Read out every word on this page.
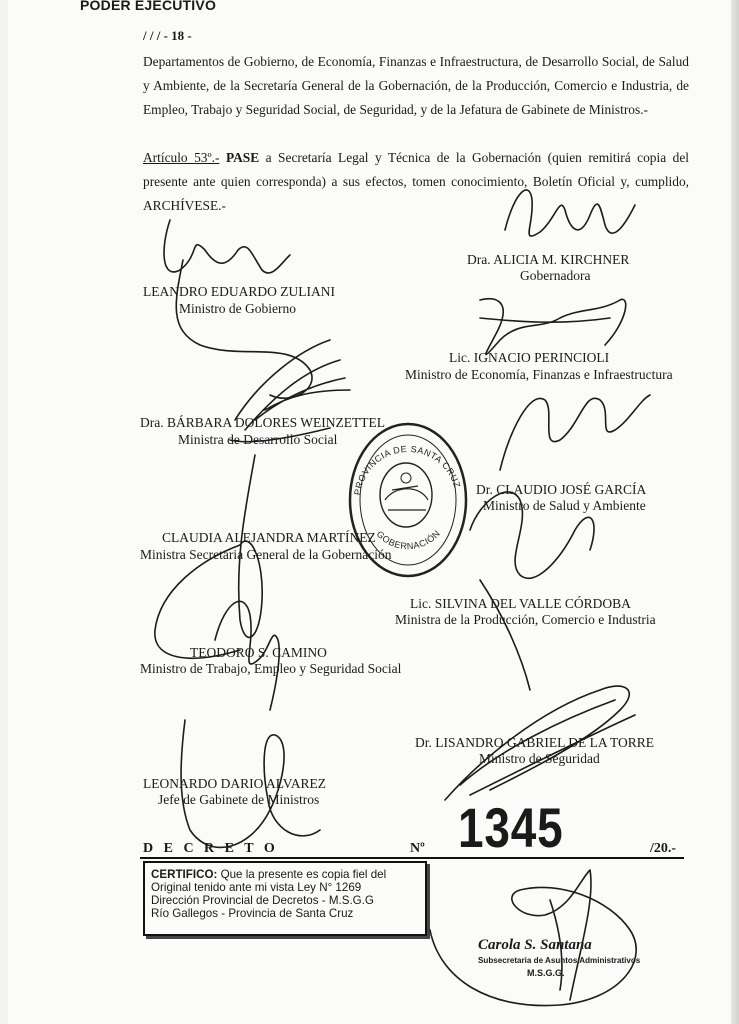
PODER EJECUTIVO
/ / / - 18 -
Departamentos de Gobierno, de Economía, Finanzas e Infraestructura, de Desarrollo Social, de Salud y Ambiente, de la Secretaría General de la Gobernación, de la Producción, Comercio e Industria, de Empleo, Trabajo y Seguridad Social, de Seguridad, y de la Jefatura de Gabinete de Ministros.-
Artículo 53º.- PASE a Secretaría Legal y Técnica de la Gobernación (quien remitirá copia del presente ante quien corresponda) a sus efectos, tomen conocimiento, Boletín Oficial y, cumplido, ARCHÍVESE.-
Dra. ALICIA M. KIRCHNER
Gobernadora
LEANDRO EDUARDO ZULIANI
Ministro de Gobierno
Lic. IGNACIO PERINCIOLI
Ministro de Economía, Finanzas e Infraestructura
Dra. BÁRBARA DOLORES WEINZETTEL
Ministra de Desarrollo Social
Dr. CLAUDIO JOSÉ GARCÍA
Ministro de Salud y Ambiente
CLAUDIA ALEJANDRA MARTÍNEZ
Ministra Secretaria General de la Gobernación
Lic. SILVINA DEL VALLE CÓRDOBA
Ministra de la Producción, Comercio e Industria
TEODORO S. CAMINO
Ministro de Trabajo, Empleo y Seguridad Social
Dr. LISANDRO GABRIEL DE LA TORRE
Ministro de Seguridad
LEONARDO DARIO ALVAREZ
Jefe de Gabinete de Ministros
D E C R E T O	Nº 1345	/20.-
CERTIFICO: Que la presente es copia fiel del
Original tenido ante mi vista Ley N° 1269
Dirección Provincial de Decretos - M.S.G.G
Río Gallegos - Provincia de Santa Cruz
Carola S. Santana
Subsecretaria de Asuntos Administrativos
M.S.G.G.
PROVINCIA DE SANTA CRUZ
GOBERNACIÓN
